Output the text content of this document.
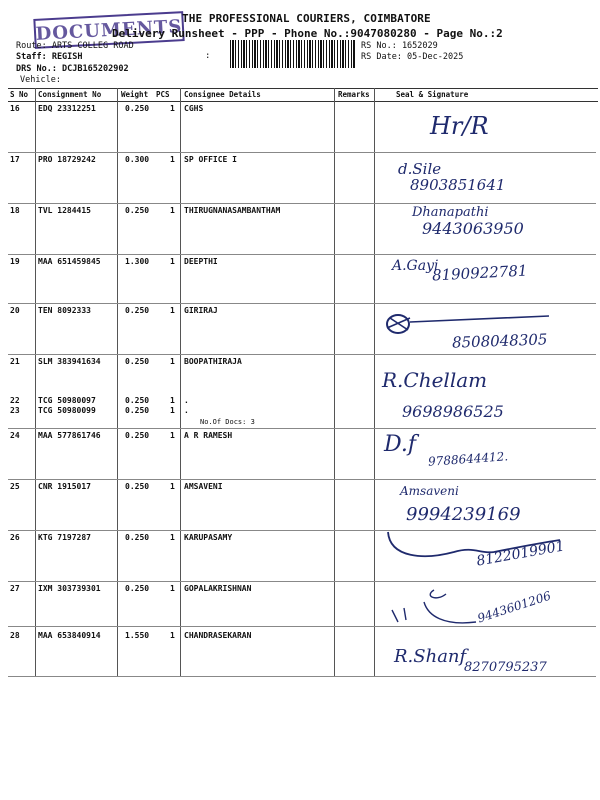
DOCUMENTS THE PROFESSIONAL COURIERS, COIMBATORE
Delivery Runsheet - PPP - Phone No.:9047080280 - Page No.:2
Route: ARTS COLLEG ROAD
Staff: REGISH
DRS No.: DCJB165202902
Vehicle:
:
RS No.: 1652029
RS Date: 05-Dec-2025
S No Consignment No	Weight PCS Consignee Details	Remarks	Seal & Signature
16 EDQ 23312251	0.250	1 CGHS
17 PRO 18729242	0.300	1 SP OFFICE I
18 TVL 1284415	0.250	1 THIRUGNANASAMBANTHAM
19 MAA 651459845	1.300	1 DEEPTHI
20 TEN 8092333	0.250	1 GIRIRAJ
21 SLM 383941634	0.250	1 BOOPATHIRAJA
22 TCG 50980097	0.250	1 .
23 TCG 50980099	0.250	1 .
No.Of Docs: 3
24 MAA 577861746	0.250	1 A R RAMESH
25 CNR 1915017	0.250	1 AMSAVENI
26 KTG 7197287	0.250	1 KARUPASAMY
27 IXM 303739301	0.250	1 GOPALAKRISHNAN
28 MAA 653840914	1.550	1 CHANDRASEKARAN
Hr/R
d.Sile
8903851641
Dhanapathi
9443063950
A.Gayi
8190922781
8508048305
R.Chellam
9698986525
D.f
9788644412.
Amsaveni
9994239169
8122019901
9443601206
R.Shanf
8270795237
